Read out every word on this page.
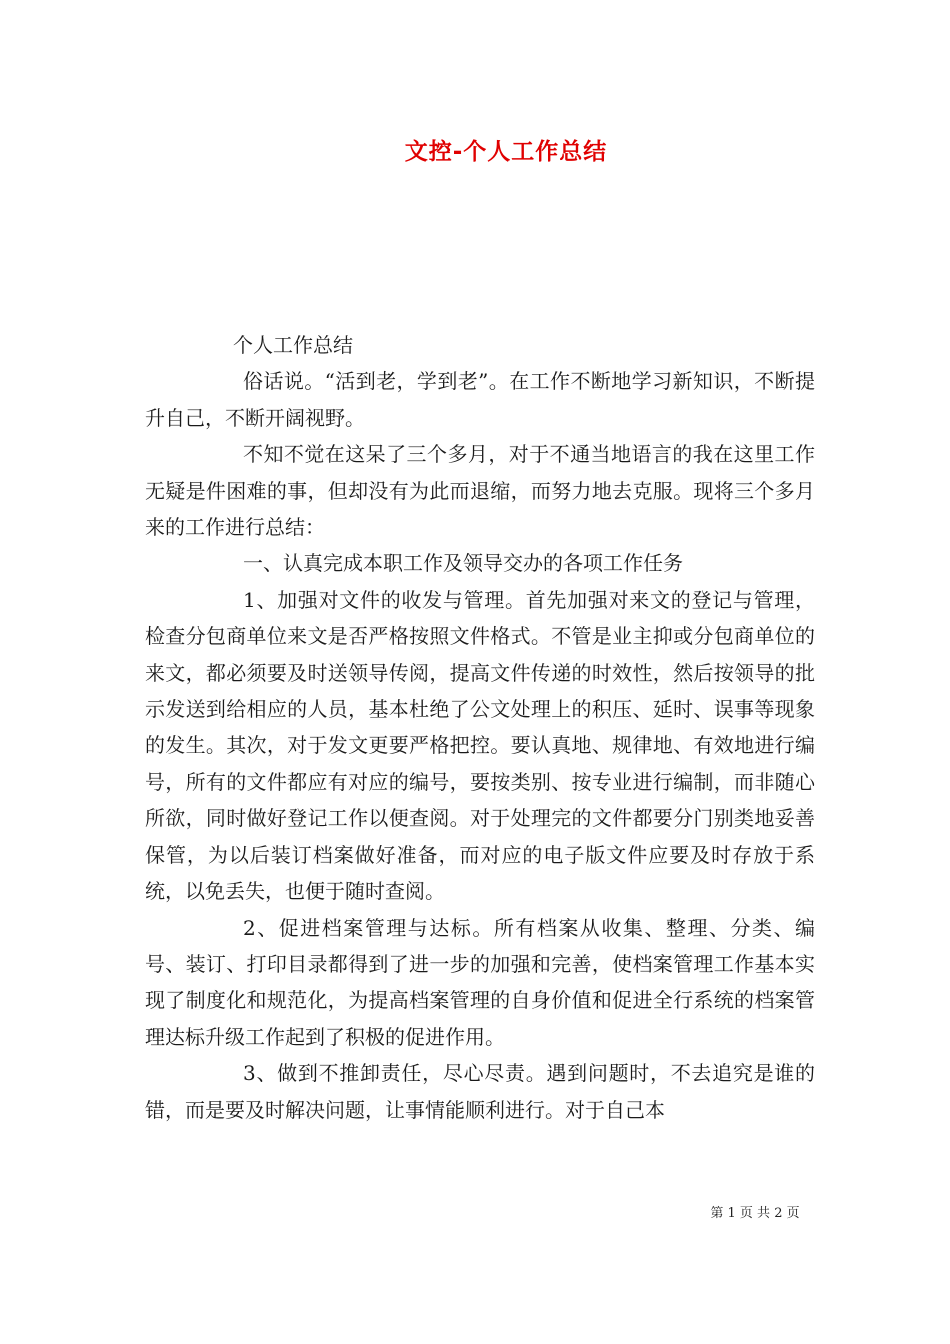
文控-个人工作总结

个人工作总结

俗话说。“活到老，学到老”。在工作不断地学习新知识，不断提升自己，不断开阔视野。

不知不觉在这呆了三个多月，对于不通当地语言的我在这里工作无疑是件困难的事，但却没有为此而退缩，而努力地去克服。现将三个多月来的工作进行总结：

一、认真完成本职工作及领导交办的各项工作任务

1、加强对文件的收发与管理。首先加强对来文的登记与管理，检查分包商单位来文是否严格按照文件格式。不管是业主抑或分包商单位的来文，都必须要及时送领导传阅，提高文件传递的时效性，然后按领导的批示发送到给相应的人员，基本杜绝了公文处理上的积压、延时、误事等现象的发生。其次，对于发文更要严格把控。要认真地、规律地、有效地进行编号，所有的文件都应有对应的编号，要按类别、按专业进行编制，而非随心所欲，同时做好登记工作以便查阅。对于处理完的文件都要分门别类地妥善保管，为以后装订档案做好准备，而对应的电子版文件应要及时存放于系统，以免丢失，也便于随时查阅。

2、促进档案管理与达标。所有档案从收集、整理、分类、编号、装订、打印目录都得到了进一步的加强和完善，使档案管理工作基本实现了制度化和规范化，为提高档案管理的自身价值和促进全行系统的档案管理达标升级工作起到了积极的促进作用。

3、做到不推卸责任，尽心尽责。遇到问题时，不去追究是谁的错，而是要及时解决问题，让事情能顺利进行。对于自己本

第 1 页 共 2 页
